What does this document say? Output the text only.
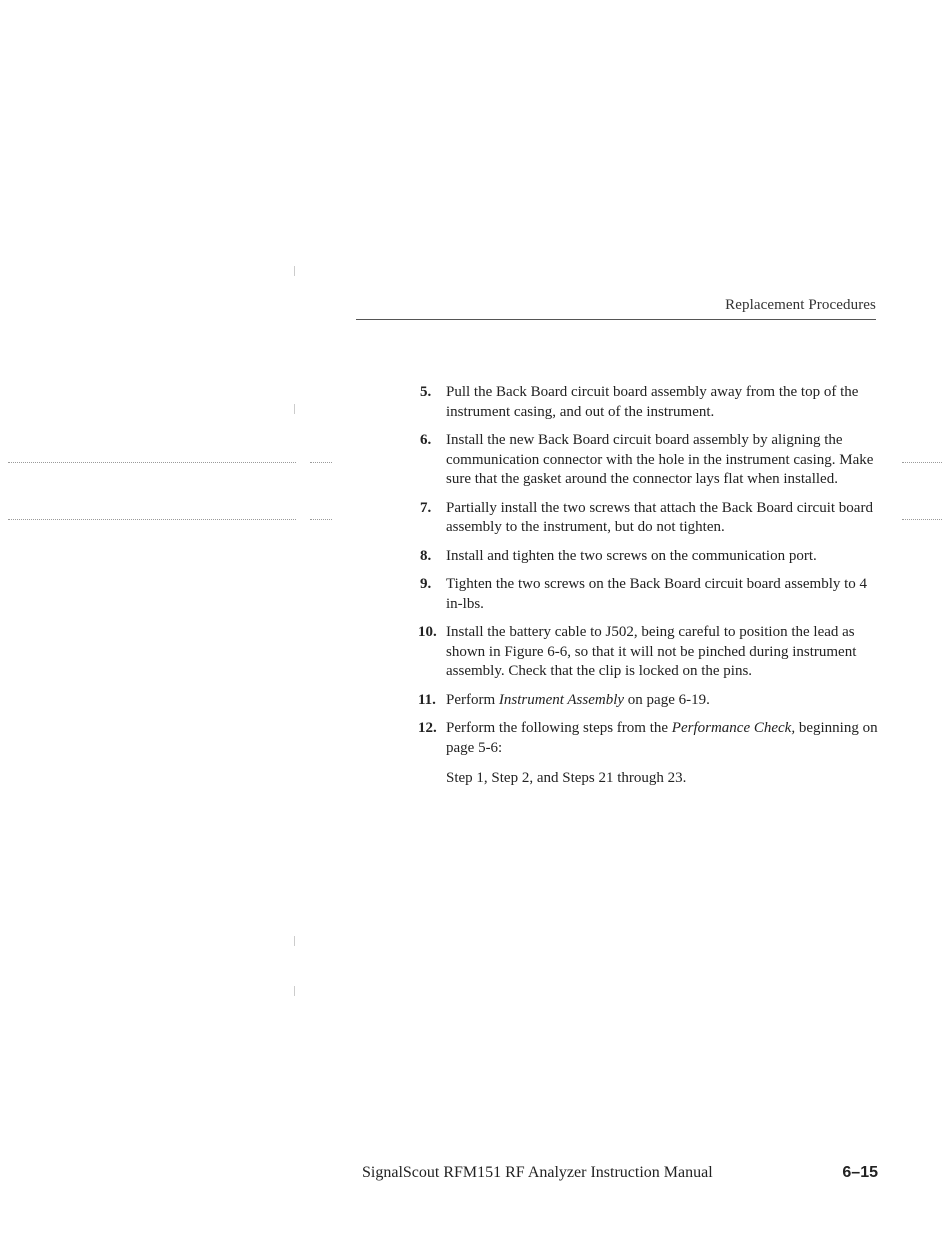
Replacement Procedures
5. Pull the Back Board circuit board assembly away from the top of the instrument casing, and out of the instrument.
6. Install the new Back Board circuit board assembly by aligning the communication connector with the hole in the instrument casing. Make sure that the gasket around the connector lays flat when installed.
7. Partially install the two screws that attach the Back Board circuit board assembly to the instrument, but do not tighten.
8. Install and tighten the two screws on the communication port.
9. Tighten the two screws on the Back Board circuit board assembly to 4 in-lbs.
10. Install the battery cable to J502, being careful to position the lead as shown in Figure 6-6, so that it will not be pinched during instrument assembly. Check that the clip is locked on the pins.
11. Perform Instrument Assembly on page 6-19.
12. Perform the following steps from the Performance Check, beginning on page 5-6:
Step 1, Step 2, and Steps 21 through 23.
SignalScout RFM151 RF Analyzer Instruction Manual	6–15
